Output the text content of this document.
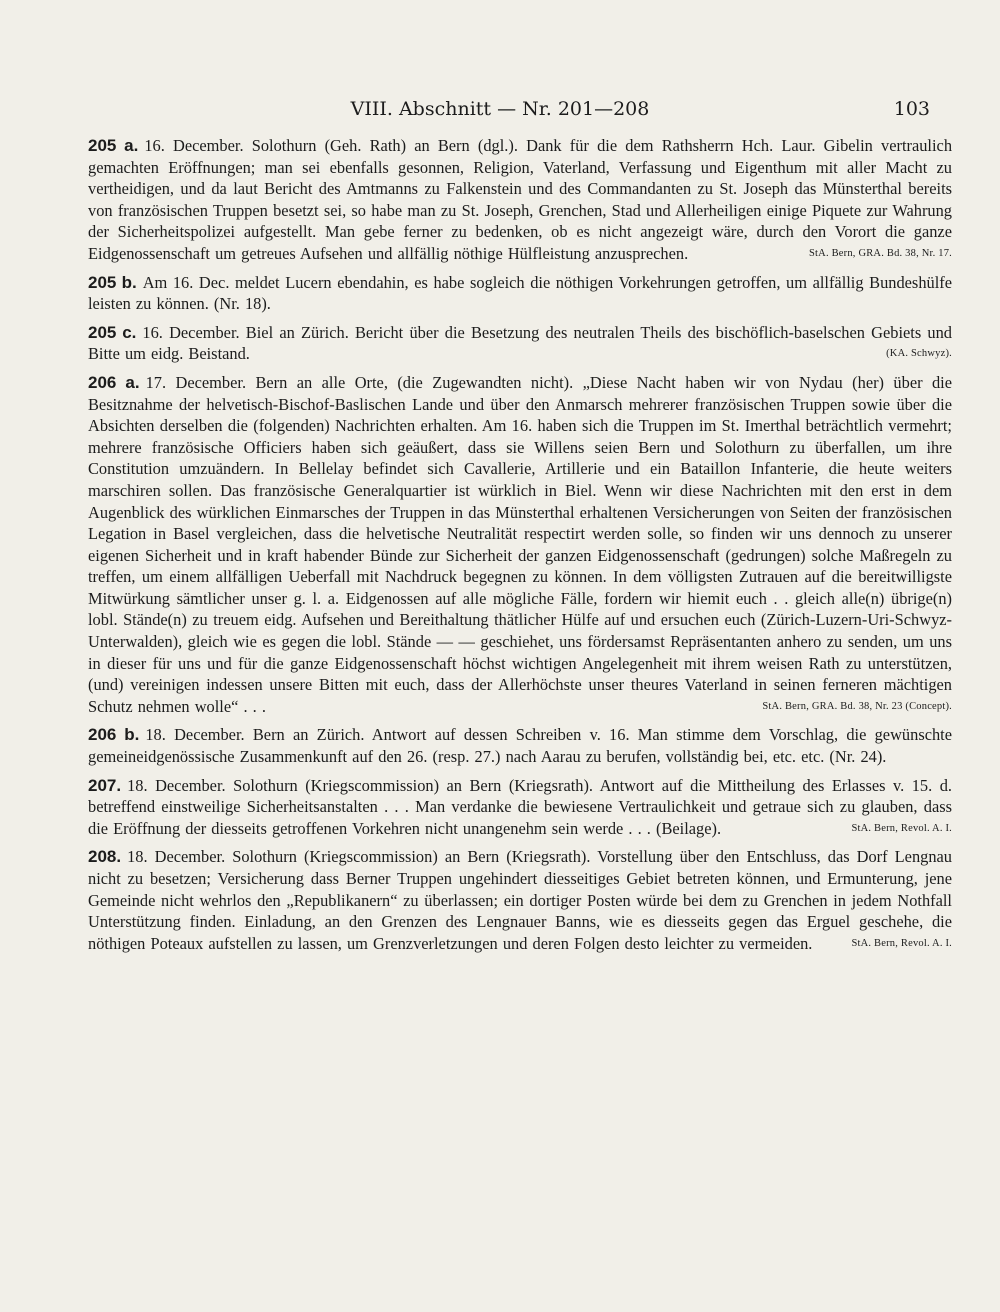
VIII. Abschnitt — Nr. 201—208	103
205 a. 16. December. Solothurn (Geh. Rath) an Bern (dgl.). Dank für die dem Rathsherrn Hch. Laur. Gibelin vertraulich gemachten Eröffnungen; man sei ebenfalls gesonnen, Religion, Vaterland, Verfassung und Eigenthum mit aller Macht zu vertheidigen, und da laut Bericht des Amtmanns zu Falkenstein und des Commandanten zu St. Joseph das Münsterthal bereits von französischen Truppen besetzt sei, so habe man zu St. Joseph, Grenchen, Stad und Allerheiligen einige Piquete zur Wahrung der Sicherheitspolizei aufgestellt. Man gebe ferner zu bedenken, ob es nicht angezeigt wäre, durch den Vorort die ganze Eidgenossenschaft um getreues Aufsehen und allfällig nöthige Hülfleistung anzusprechen.	StA. Bern, GRA. Bd. 38, Nr. 17.
205 b. Am 16. Dec. meldet Lucern ebendahin, es habe sogleich die nöthigen Vorkehrungen getroffen, um allfällig Bundeshülfe leisten zu können. (Nr. 18).
205 c. 16. December. Biel an Zürich. Bericht über die Besetzung des neutralen Theils des bischöflich-baselschen Gebiets und Bitte um eidg. Beistand.	(KA. Schwyz).
206 a. 17. December. Bern an alle Orte, (die Zugewandten nicht). „Diese Nacht haben wir von Nydau (her) über die Besitznahme der helvetisch-Bischof-Baslischen Lande und über den Anmarsch mehrerer französischen Truppen sowie über die Absichten derselben die (folgenden) Nachrichten erhalten. Am 16. haben sich die Truppen im St. Imerthal beträchtlich vermehrt; mehrere französische Officiers haben sich geäußert, dass sie Willens seien Bern und Solothurn zu überfallen, um ihre Constitution umzuändern. In Bellelay befindet sich Cavallerie, Artillerie und ein Bataillon Infanterie, die heute weiters marschiren sollen. Das französische Generalquartier ist würklich in Biel. Wenn wir diese Nachrichten mit den erst in dem Augenblick des würklichen Einmarsches der Truppen in das Münsterthal erhaltenen Versicherungen von Seiten der französischen Legation in Basel vergleichen, dass die helvetische Neutralität respectirt werden solle, so finden wir uns dennoch zu unserer eigenen Sicherheit und in kraft habender Bünde zur Sicherheit der ganzen Eidgenossenschaft (gedrungen) solche Maßregeln zu treffen, um einem allfälligen Ueberfall mit Nachdruck begegnen zu können. In dem völligsten Zutrauen auf die bereitwilligste Mitwürkung sämtlicher unser g. l. a. Eidgenossen auf alle mögliche Fälle, fordern wir hiemit euch . . gleich alle(n) übrige(n) lobl. Stände(n) zu treuem eidg. Aufsehen und Bereithaltung thätlicher Hülfe auf und ersuchen euch (Zürich-Luzern-Uri-Schwyz-Unterwalden), gleich wie es gegen die lobl. Stände — — geschiehet, uns fördersamst Repräsentanten anhero zu senden, um uns in dieser für uns und für die ganze Eidgenossenschaft höchst wichtigen Angelegenheit mit ihrem weisen Rath zu unterstützen, (und) vereinigen indessen unsere Bitten mit euch, dass der Allerhöchste unser theures Vaterland in seinen ferneren mächtigen Schutz nehmen wolle“ . . .	StA. Bern, GRA. Bd. 38, Nr. 23 (Concept).
206 b. 18. December. Bern an Zürich. Antwort auf dessen Schreiben v. 16. Man stimme dem Vorschlag, die gewünschte gemeineidgenössische Zusammenkunft auf den 26. (resp. 27.) nach Aarau zu berufen, vollständig bei, etc. etc. (Nr. 24).
207. 18. December. Solothurn (Kriegscommission) an Bern (Kriegsrath). Antwort auf die Mittheilung des Erlasses v. 15. d. betreffend einstweilige Sicherheitsanstalten . . . Man verdanke die bewiesene Vertraulichkeit und getraue sich zu glauben, dass die Eröffnung der diesseits getroffenen Vorkehren nicht unangenehm sein werde . . . (Beilage).	StA. Bern, Revol. A. I.
208. 18. December. Solothurn (Kriegscommission) an Bern (Kriegsrath). Vorstellung über den Entschluss, das Dorf Lengnau nicht zu besetzen; Versicherung dass Berner Truppen ungehindert diesseitiges Gebiet betreten können, und Ermunterung, jene Gemeinde nicht wehrlos den „Republikanern“ zu überlassen; ein dortiger Posten würde bei dem zu Grenchen in jedem Nothfall Unterstützung finden. Einladung, an den Grenzen des Lengnauer Banns, wie es diesseits gegen das Erguel geschehe, die nöthigen Poteaux aufstellen zu lassen, um Grenzverletzungen und deren Folgen desto leichter zu vermeiden.	StA. Bern, Revol. A. I.
